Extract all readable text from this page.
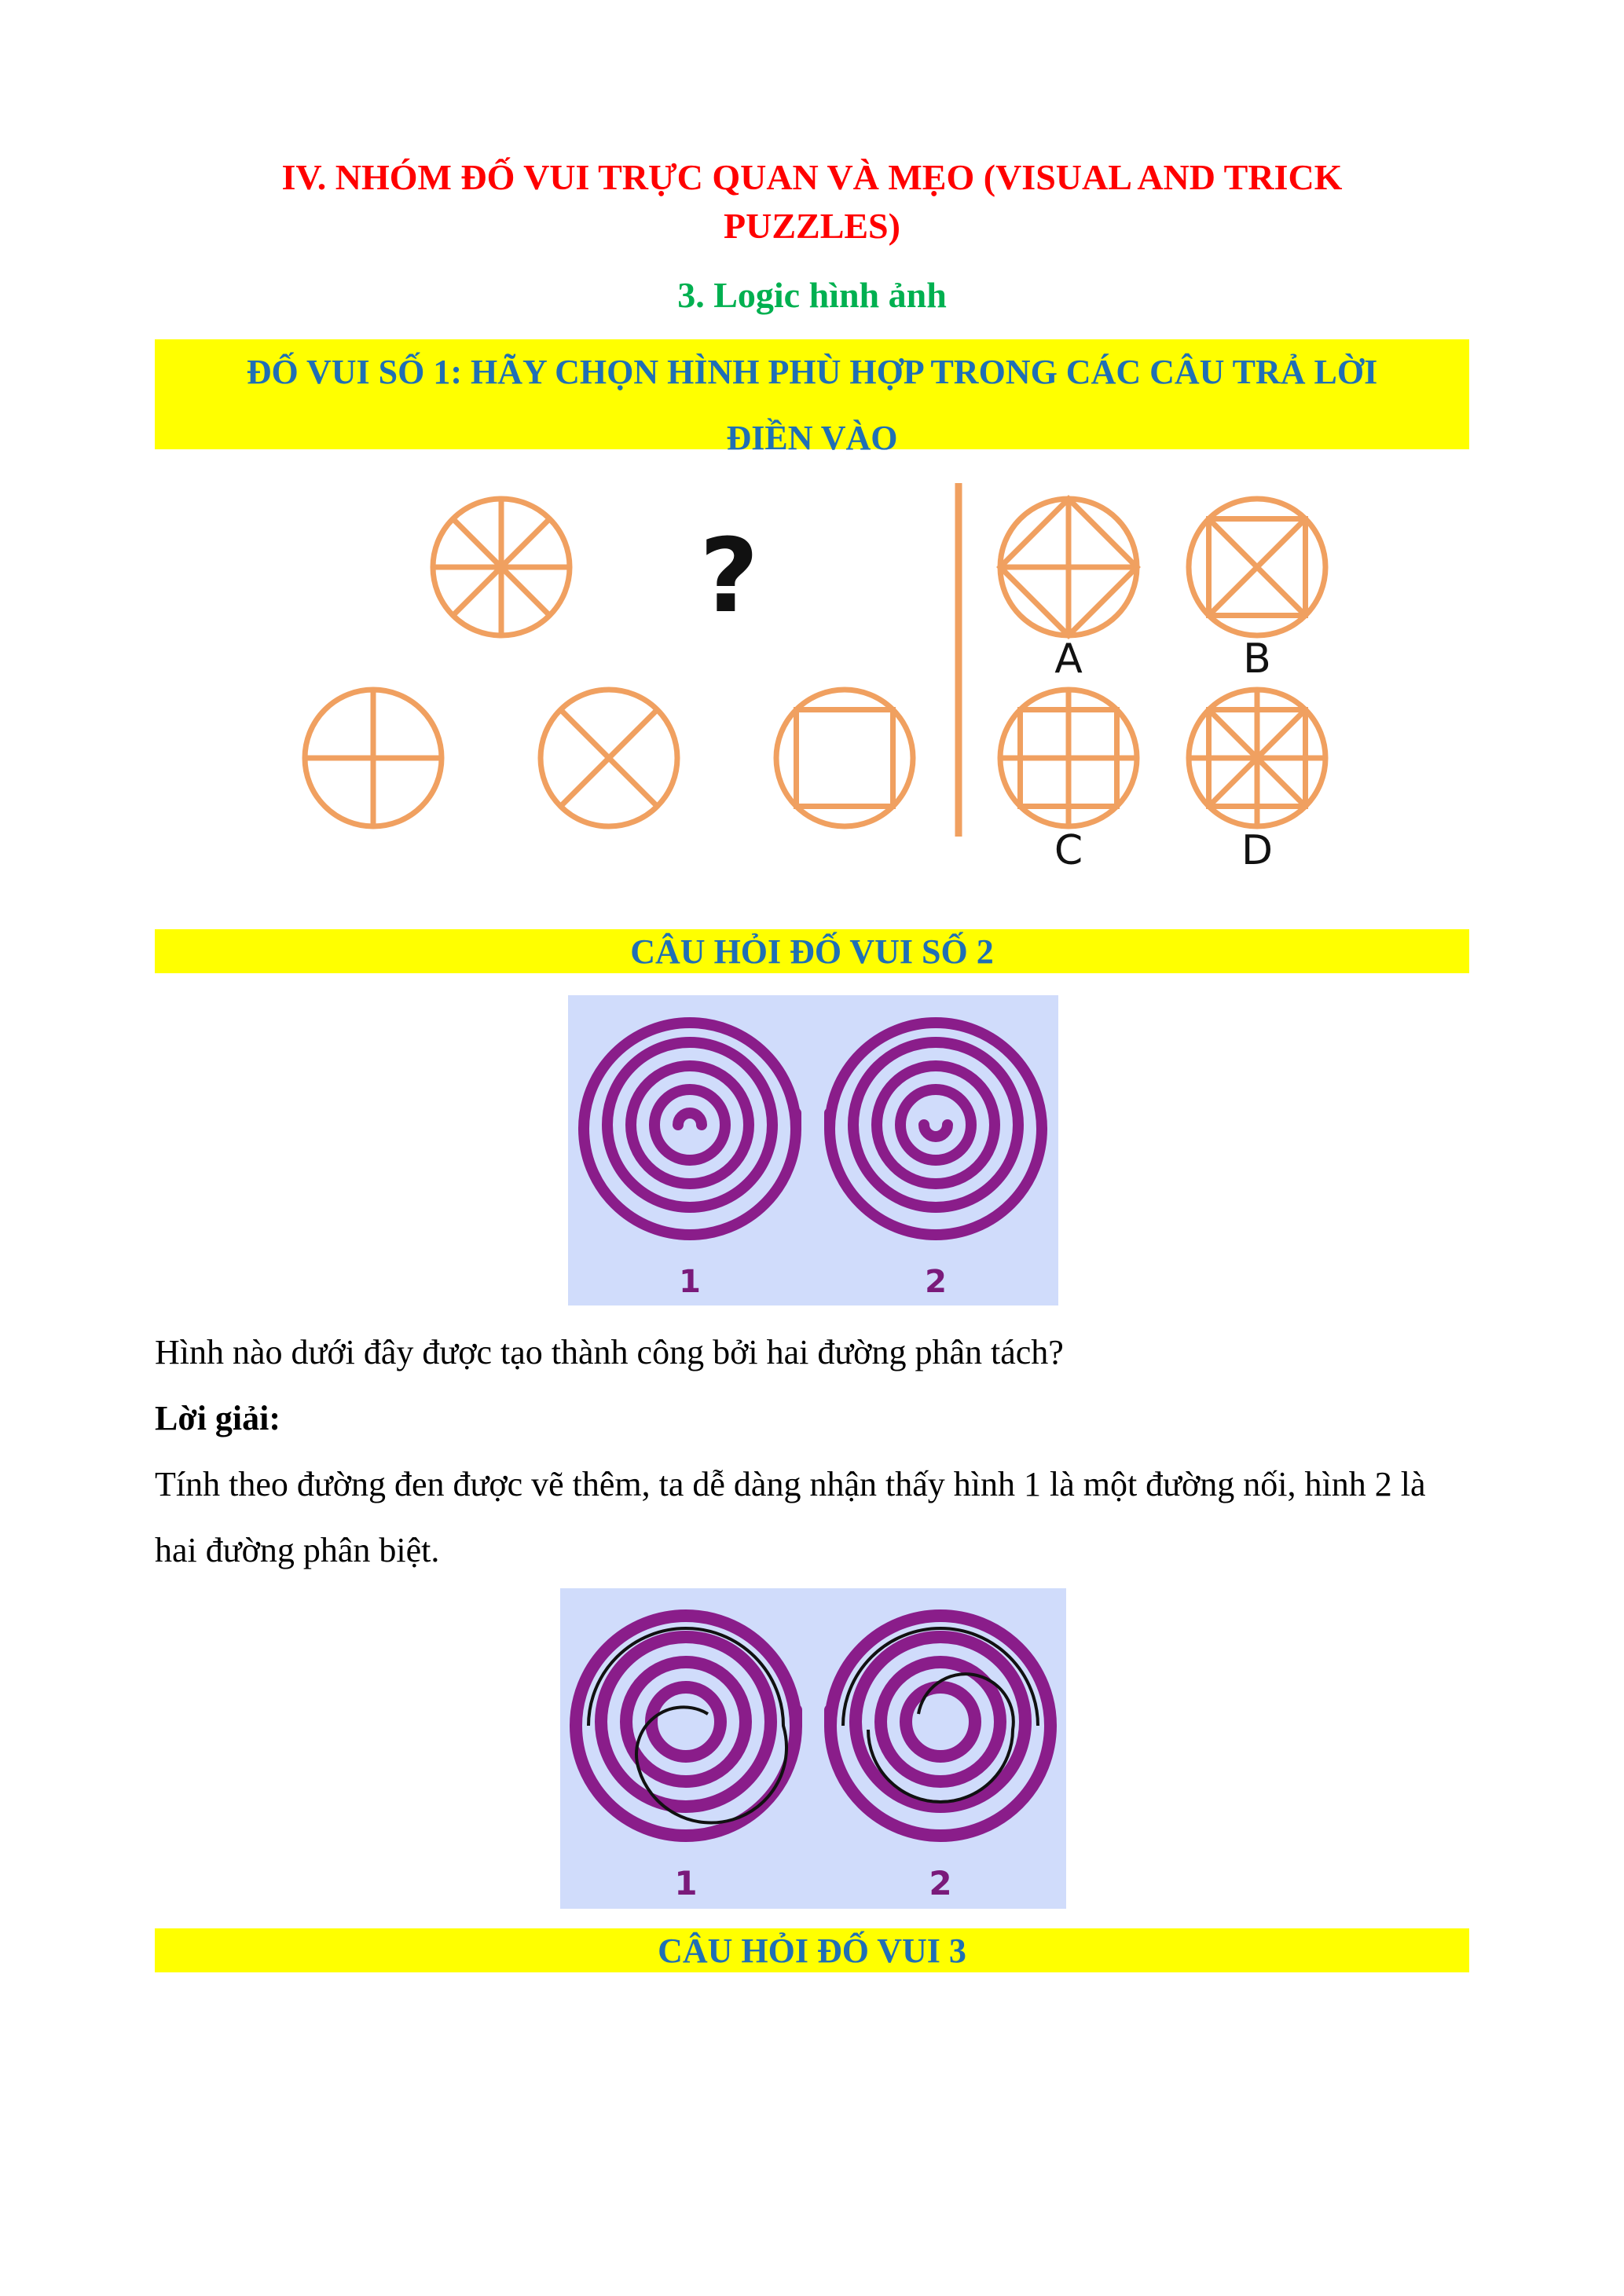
IV. NHÓM ĐỐ VUI TRỰC QUAN VÀ MẸO (VISUAL AND TRICK PUZZLES)
3. Logic hình ảnh
ĐỐ VUI SỐ 1: HÃY CHỌN HÌNH PHÙ HỢP TRONG CÁC CÂU TRẢ LỜI
ĐIỀN VÀO
?
A	B
C	D
CÂU HỎI ĐỐ VUI SỐ 2
1	2
Hình nào dưới đây được tạo thành công bởi hai đường phân tách?
Lời giải:
Tính theo đường đen được vẽ thêm, ta dễ dàng nhận thấy hình 1 là một đường nối, hình 2 là hai đường phân biệt.
1	2
CÂU HỎI ĐỐ VUI 3
